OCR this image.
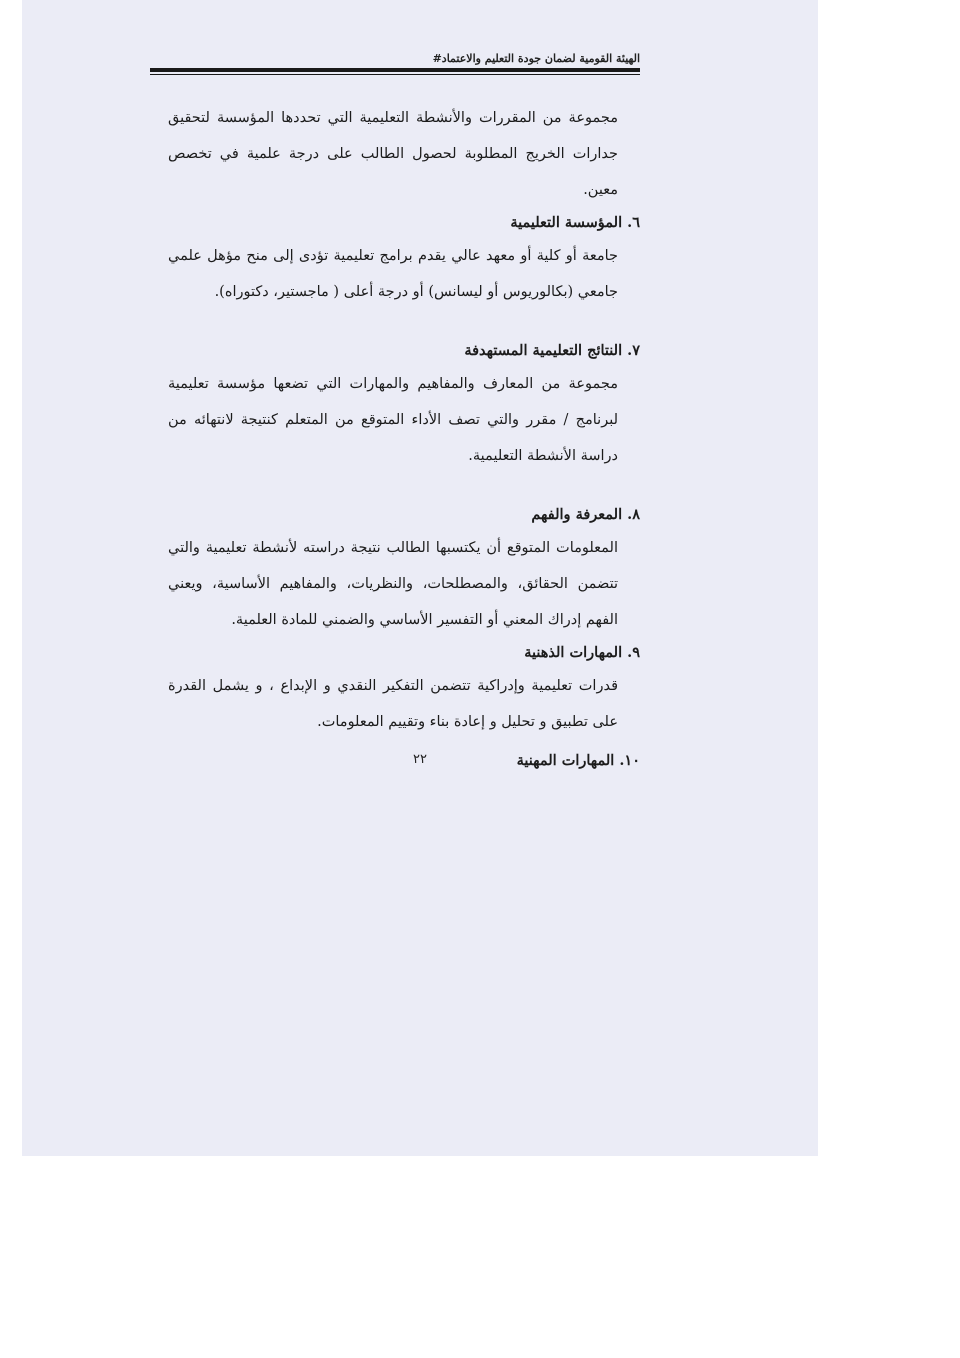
الهيئة القومية لضمان جودة التعليم والاعتماد#

مجموعة من المقررات والأنشطة التعليمية التي تحددها المؤسسة لتحقيق جدارات الخريج المطلوبة لحصول الطالب على درجة علمية في تخصص معين.

٦. المؤسسة التعليمية

جامعة أو كلية أو معهد عالي يقدم برامج تعليمية تؤدى إلى منح مؤهل علمي جامعي (بكالوريوس أو ليسانس) أو درجة أعلى ( ماجستير، دكتوراه).

٧. النتائج التعليمية المستهدفة

مجموعة من المعارف والمفاهيم والمهارات التي تضعها مؤسسة تعليمية لبرنامج / مقرر والتي تصف الأداء المتوقع من المتعلم كنتيجة لانتهائه من دراسة الأنشطة التعليمية.

٨. المعرفة والفهم

المعلومات المتوقع أن يكتسبها الطالب نتيجة دراسته لأنشطة تعليمية والتي تتضمن الحقائق، والمصطلحات، والنظريات، والمفاهيم الأساسية، ويعني الفهم إدراك المعني أو التفسير الأساسي والضمني للمادة العلمية.

٩. المهارات الذهنية

قدرات تعليمية وإدراكية تتضمن التفكير النقدي و الإبداع ، و يشمل القدرة على تطبيق و تحليل و إعادة بناء وتقييم المعلومات.

١٠. المهارات المهنية

٢٢
